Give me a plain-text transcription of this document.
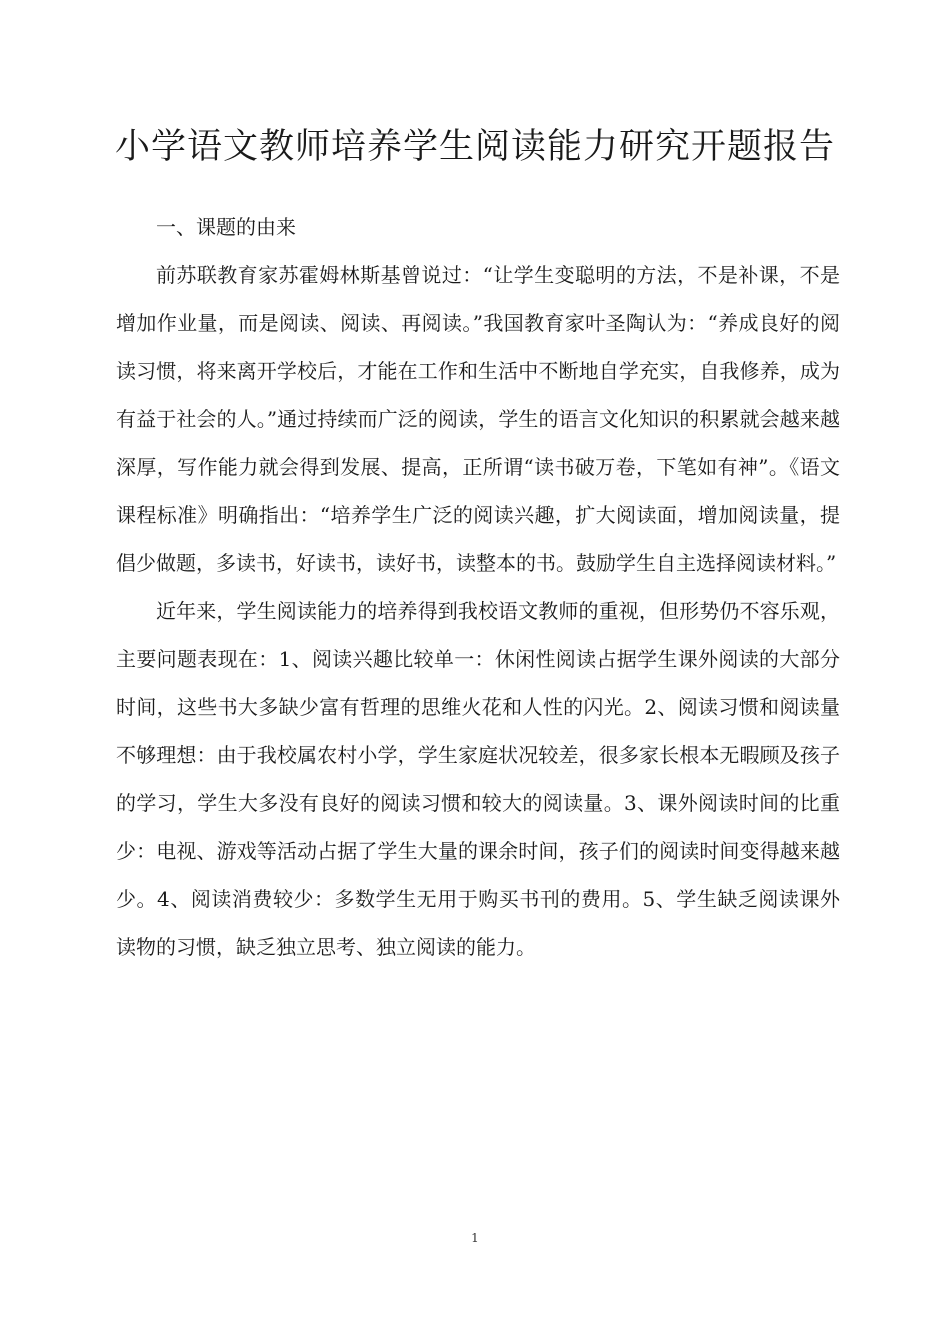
小学语文教师培养学生阅读能力研究开题报告
一、课题的由来

前苏联教育家苏霍姆林斯基曾说过：“让学生变聪明的方法，不是补课，不是增加作业量，而是阅读、阅读、再阅读。”我国教育家叶圣陶认为：“养成良好的阅读习惯，将来离开学校后，才能在工作和生活中不断地自学充实，自我修养，成为有益于社会的人。”通过持续而广泛的阅读，学生的语言文化知识的积累就会越来越深厚，写作能力就会得到发展、提高，正所谓“读书破万卷，下笔如有神”。《语文课程标准》明确指出：“培养学生广泛的阅读兴趣，扩大阅读面，增加阅读量，提倡少做题，多读书，好读书，读好书，读整本的书。鼓励学生自主选择阅读材料。”

近年来，学生阅读能力的培养得到我校语文教师的重视，但形势仍不容乐观，主要问题表现在：1、阅读兴趣比较单一：休闲性阅读占据学生课外阅读的大部分时间，这些书大多缺少富有哲理的思维火花和人性的闪光。2、阅读习惯和阅读量不够理想：由于我校属农村小学，学生家庭状况较差，很多家长根本无暇顾及孩子的学习，学生大多没有良好的阅读习惯和较大的阅读量。3、课外阅读时间的比重少：电视、游戏等活动占据了学生大量的课余时间，孩子们的阅读时间变得越来越少。4、阅读消费较少：多数学生无用于购买书刊的费用。5、学生缺乏阅读课外读物的习惯，缺乏独立思考、独立阅读的能力。

1
